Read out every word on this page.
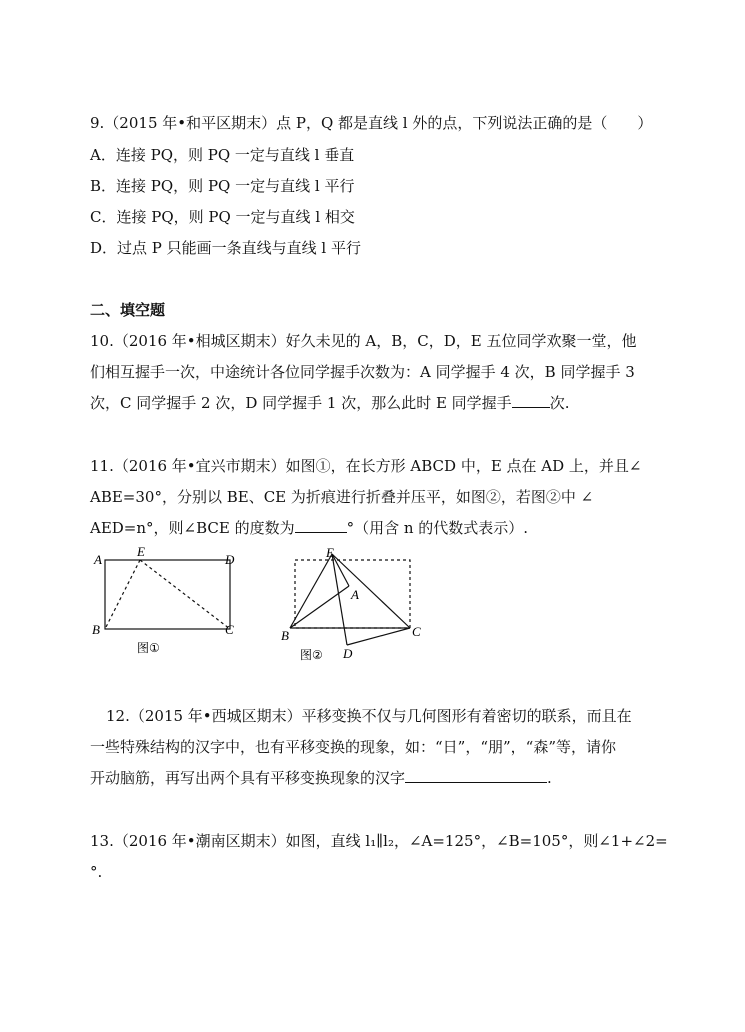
9.（2015 年•和平区期末）点 P，Q 都是直线 l 外的点，下列说法正确的是（　　）
A．连接 PQ，则 PQ 一定与直线 l 垂直
B．连接 PQ，则 PQ 一定与直线 l 平行
C．连接 PQ，则 PQ 一定与直线 l 相交
D．过点 P 只能画一条直线与直线 l 平行
二、填空题
10.（2016 年•相城区期末）好久未见的 A，B，C，D，E 五位同学欢聚一堂，他
们相互握手一次，中途统计各位同学握手次数为：A 同学握手 4 次，B 同学握手 3
次，C 同学握手 2 次，D 同学握手 1 次，那么此时 E 同学握手	次.
11.（2016 年•宜兴市期末）如图①，在长方形 ABCD 中，E 点在 AD 上，并且∠
ABE=30°，分别以 BE、CE 为折痕进行折叠并压平，如图②，若图②中 ∠
AED=n°，则∠BCE 的度数为	°（用含 n 的代数式表示）.
A
E
D
B	C
图①
E
A
B	C
D
图②
12.（2015 年•西城区期末）平移变换不仅与几何图形有着密切的联系，而且在
一些特殊结构的汉字中，也有平移变换的现象，如：“日”，“朋”，“森”等，请你
开动脑筋，再写出两个具有平移变换现象的汉字	.
13.（2016 年•潮南区期末）如图，直线 l₁∥l₂，∠A=125°，∠B=105°，则∠1+∠2=
°.
